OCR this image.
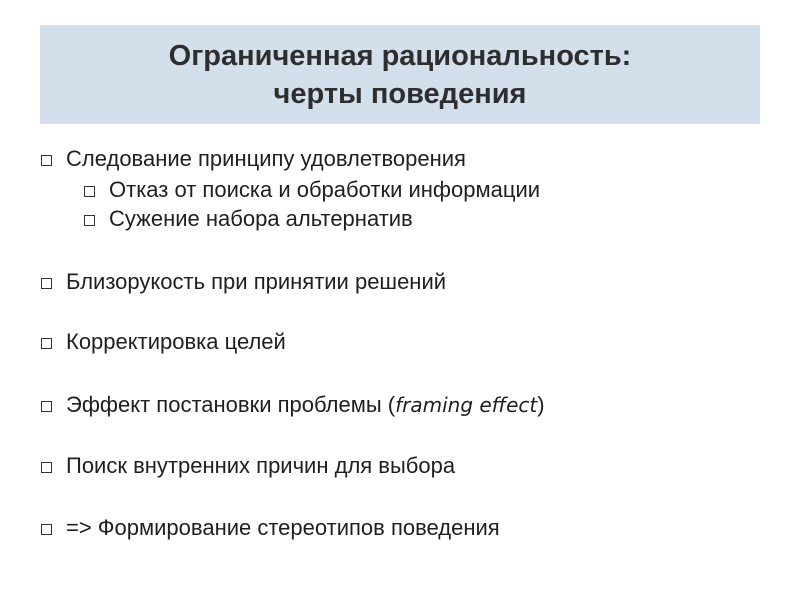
Ограниченная рациональность:
черты поведения
Следование принципу удовлетворения
Отказ от поиска и обработки информации
Сужение набора альтернатив
Близорукость при принятии решений
Корректировка целей
Эффект постановки проблемы (framing effect)
Поиск внутренних причин для выбора
=> Формирование стереотипов поведения
